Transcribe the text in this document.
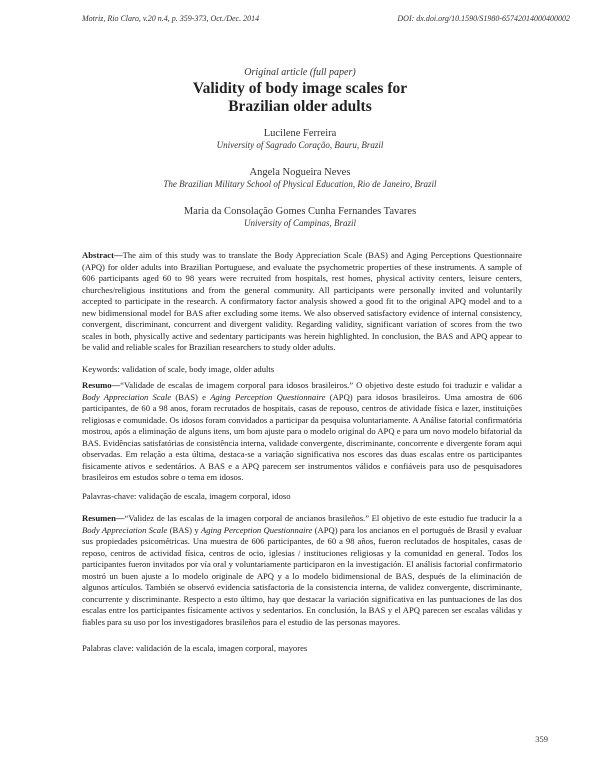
Motriz, Rio Claro, v.20 n.4, p. 359-373, Oct./Dec. 2014	DOI: dx.doi.org/10.1590/S1980-65742014000400002
Original article (full paper)
Validity of body image scales for
Brazilian older adults
Lucilene Ferreira
University of Sagrado Coração, Bauru, Brazil
Angela Nogueira Neves
The Brazilian Military School of Physical Education, Rio de Janeiro, Brazil
Maria da Consolação Gomes Cunha Fernandes Tavares
University of Campinas, Brazil
Abstract—The aim of this study was to translate the Body Appreciation Scale (BAS) and Aging Perceptions Questionnaire (APQ) for older adults into Brazilian Portuguese, and evaluate the psychometric properties of these instruments. A sample of 606 participants aged 60 to 98 years were recruited from hospitals, rest homes, physical activity centers, leisure centers, churches/religious institutions and from the general community. All participants were personally invited and voluntarily accepted to participate in the research. A confirmatory factor analysis showed a good fit to the original APQ model and to a new bidimensional model for BAS after excluding some items. We also observed satisfactory evidence of internal consistency, convergent, discriminant, concurrent and divergent validity. Regarding validity, significant variation of scores from the two scales in both, physically active and sedentary participants was herein highlighted. In conclusion, the BAS and APQ appear to be valid and reliable scales for Brazilian researchers to study older adults.
Keywords: validation of scale, body image, older adults
Resumo—“Validade de escalas de imagem corporal para idosos brasileiros.” O objetivo deste estudo foi traduzir e validar a Body Appreciation Scale (BAS) e Aging Perception Questionnaire (APQ) para idosos brasileiros. Uma amostra de 606 participantes, de 60 a 98 anos, foram recrutados de hospitais, casas de repouso, centros de atividade física e lazer, instituições religiosas e comunidade. Os idosos foram convidados a participar da pesquisa voluntariamente. A Análise fatorial confirmatória mostrou, após a eliminação de alguns itens, um bom ajuste para o modelo original do APQ e para um novo modelo bifatorial da BAS. Evidências satisfatórias de consistência interna, validade convergente, discriminante, concorrente e divergente foram aqui observadas. Em relação a esta última, destaca-se a variação significativa nos escores das duas escalas entre os participantes fisicamente ativos e sedentários. A BAS e a APQ parecem ser instrumentos válidos e confiáveis para uso de pesquisadores brasileiros em estudos sobre o tema em idosos.
Palavras-chave: validação de escala, imagem corporal, idoso
Resumen—“Validez de las escalas de la imagen corporal de ancianos brasileños.” El objetivo de este estudio fue traducir la a Body Appreciation Scale (BAS) y Aging Perception Questionnaire (APQ) para los ancianos en el portugués de Brasil y evaluar sus propiedades psicométricas. Una muestra de 606 participantes, de 60 a 98 años, fueron reclutados de hospitales, casas de reposo, centros de actividad física, centros de ocio, iglesias / instituciones religiosas y la comunidad en general. Todos los participantes fueron invitados por vía oral y voluntariamente participaron en la investigación. El análisis factorial confirmatorio mostró un buen ajuste a lo modelo originale de APQ y a lo modelo bidimensional de BAS, después de la eliminación de algunos artículos. También se observó evidencia satisfactoria de la consistencia interna, de validez convergente, discriminante, concurrente y discriminante. Respecto a esto último, hay que destacar la variación significativa en las puntuaciones de las dos escalas entre los participantes físicamente activos y sedentarios. En conclusión, la BAS y el APQ parecen ser escalas válidas y fiables para su uso por los investigadores brasileños para el estudio de las personas mayores.
Palabras clave: validación de la escala, imagen corporal, mayores
359
